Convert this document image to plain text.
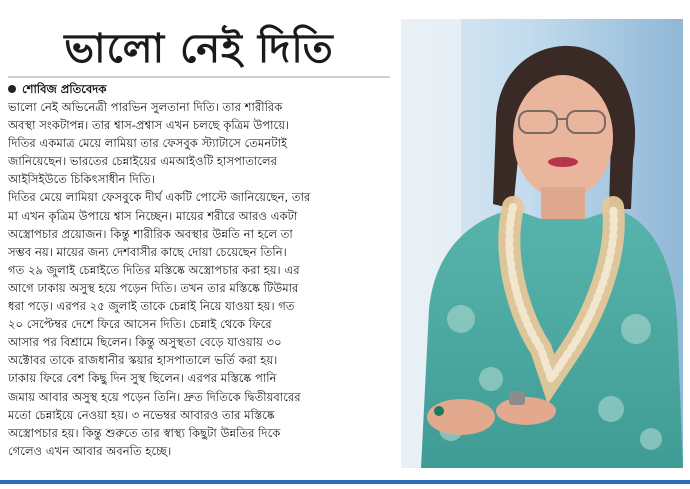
ভালো নেই দিতি
শোবিজ প্রতিবেদক
ভালো নেই অভিনেত্রী পারভিন সুলতানা দিতি। তার শারীরিক
অবস্থা সংকটাপন্ন। তার শ্বাস-প্রশ্বাস এখন চলছে কৃত্রিম উপায়ে।
দিতির একমাত্র মেয়ে লামিয়া তার ফেসবুক স্ট্যাটাসে তেমনটাই
জানিয়েছেন। ভারতের চেন্নাইয়ের এমআইওটি হাসপাতালের
আইসিইউতে চিকিৎসাধীন দিতি।
দিতির মেয়ে লামিয়া ফেসবুকে দীর্ঘ একটি পোস্টে জানিয়েছেন, তার
মা এখন কৃত্রিম উপায়ে শ্বাস নিচ্ছেন। মায়ের শরীরে আরও একটা
অস্ত্রোপচার প্রয়োজন। কিন্তু শারীরিক অবস্থার উন্নতি না হলে তা
সম্ভব নয়। মায়ের জন্য দেশবাসীর কাছে দোয়া চেয়েছেন তিনি।
গত ২৯ জুলাই চেন্নাইতে দিতির মস্তিষ্কে অস্ত্রোপচার করা হয়। এর
আগে ঢাকায় অসুস্থ হয়ে পড়েন দিতি। তখন তার মস্তিষ্কে টিউমার
ধরা পড়ে। এরপর ২৫ জুলাই তাকে চেন্নাই নিয়ে যাওয়া হয়। গত
২০ সেপ্টেম্বর দেশে ফিরে আসেন দিতি। চেন্নাই থেকে ফিরে
আসার পর বিশ্রামে ছিলেন। কিন্তু অসুস্থতা বেড়ে যাওয়ায় ৩০
অক্টোবর তাকে রাজধানীর স্কয়ার হাসপাতালে ভর্তি করা হয়।
ঢাকায় ফিরে বেশ কিছু দিন সুস্থ ছিলেন। এরপর মস্তিষ্কে পানি
জমায় আবার অসুস্থ হয়ে পড়েন তিনি। দ্রুত দিতিকে দ্বিতীয়বারের
মতো চেন্নাইয়ে নেওয়া হয়। ৩ নভেম্বর আবারও তার মস্তিষ্কে
অস্ত্রোপচার হয়। কিন্তু শুরুতে তার স্বাস্থ্য কিছুটা উন্নতির দিকে
গেলেও এখন আবার অবনতি হচ্ছে।
